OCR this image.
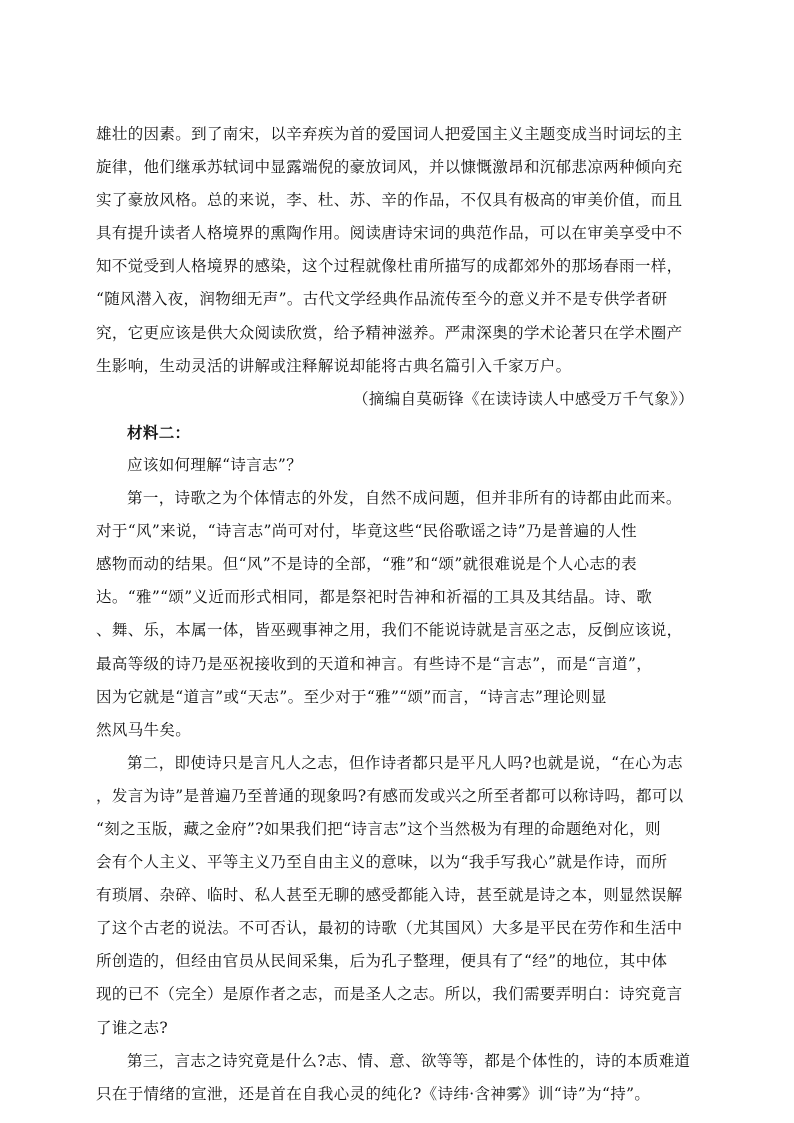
雄壮的因素。到了南宋，以辛弃疾为首的爱国词人把爱国主义主题变成当时词坛的主
旋律，他们继承苏轼词中显露端倪的豪放词风，并以慷慨激昂和沉郁悲凉两种倾向充
实了豪放风格。总的来说，李、杜、苏、辛的作品，不仅具有极高的审美价值，而且
具有提升读者人格境界的熏陶作用。阅读唐诗宋词的典范作品，可以在审美享受中不
知不觉受到人格境界的感染，这个过程就像杜甫所描写的成都郊外的那场春雨一样，
“随风潜入夜，润物细无声”。古代文学经典作品流传至今的意义并不是专供学者研
究，它更应该是供大众阅读欣赏，给予精神滋养。严肃深奥的学术论著只在学术圈产
生影响，生动灵活的讲解或注释解说却能将古典名篇引入千家万户。
（摘编自莫砺锋《在读诗读人中感受万千气象》）
材料二：
应该如何理解“诗言志”？
第一，诗歌之为个体情志的外发，自然不成问题，但并非所有的诗都由此而来。
对于“风”来说，“诗言志”尚可对付，毕竟这些“民俗歌谣之诗”乃是普遍的人性
感物而动的结果。但“风”不是诗的全部，“雅”和“颂”就很难说是个人心志的表
达。“雅”“颂”义近而形式相同，都是祭祀时告神和祈福的工具及其结晶。诗、歌
、舞、乐，本属一体，皆巫觋事神之用，我们不能说诗就是言巫之志，反倒应该说，
最高等级的诗乃是巫祝接收到的天道和神言。有些诗不是“言志”，而是“言道”，
因为它就是“道言”或“天志”。至少对于“雅”“颂”而言，“诗言志”理论则显
然风马牛矣。
第二，即使诗只是言凡人之志，但作诗者都只是平凡人吗?也就是说，“在心为志
，发言为诗”是普遍乃至普通的现象吗?有感而发或兴之所至者都可以称诗吗，都可以
“刻之玉版，藏之金府”?如果我们把“诗言志”这个当然极为有理的命题绝对化，则
会有个人主义、平等主义乃至自由主义的意味，以为“我手写我心”就是作诗，而所
有琐屑、杂碎、临时、私人甚至无聊的感受都能入诗，甚至就是诗之本，则显然误解
了这个古老的说法。不可否认，最初的诗歌（尤其国风）大多是平民在劳作和生活中
所创造的，但经由官员从民间采集，后为孔子整理，便具有了“经”的地位，其中体
现的已不（完全）是原作者之志，而是圣人之志。所以，我们需要弄明白：诗究竟言
了谁之志?
第三，言志之诗究竟是什么?志、情、意、欲等等，都是个体性的，诗的本质难道
只在于情绪的宣泄，还是首在自我心灵的纯化?《诗纬·含神雾》训“诗”为“持”。
